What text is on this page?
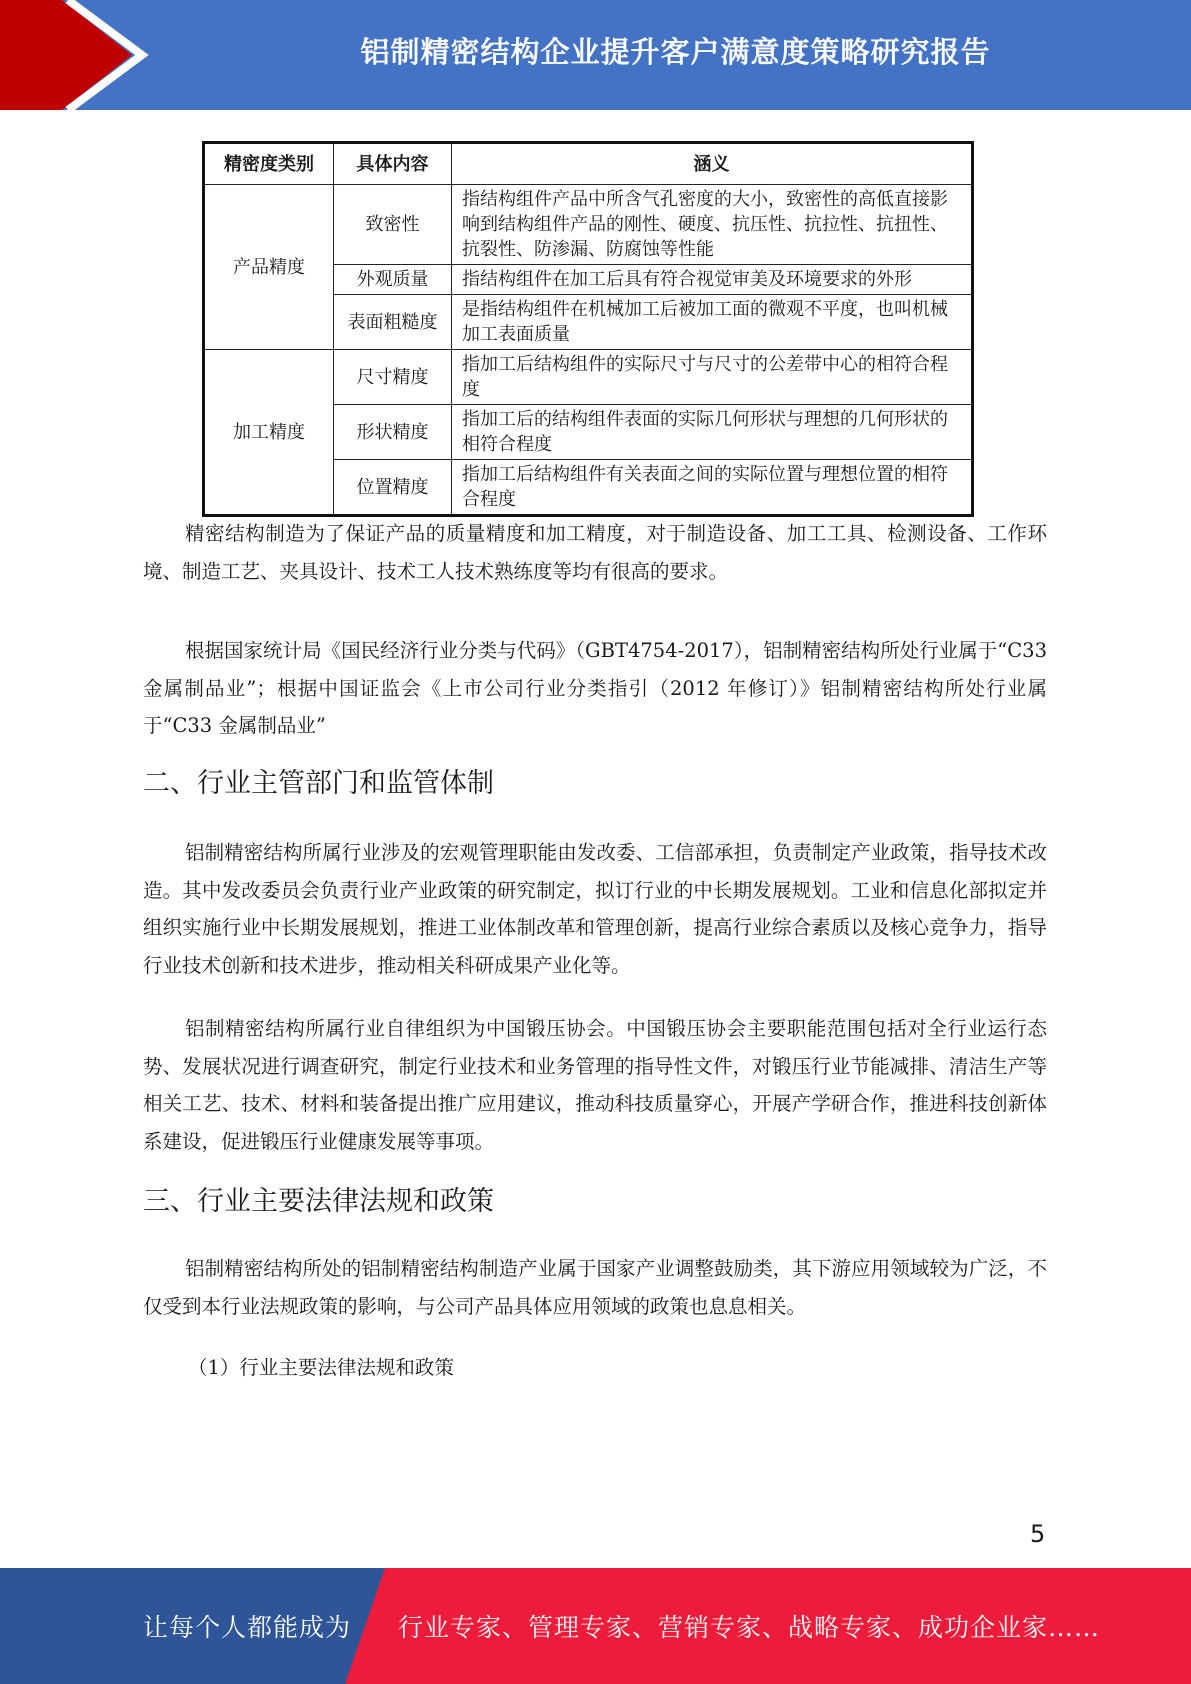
铝制精密结构企业提升客户满意度策略研究报告
精密度类别	具体内容	涵义
产品精度	致密性	指结构组件产品中所含气孔密度的大小，致密性的高低直接影响到结构组件产品的刚性、硬度、抗压性、抗拉性、抗扭性、抗裂性、防渗漏、防腐蚀等性能
	外观质量	指结构组件在加工后具有符合视觉审美及环境要求的外形
	表面粗糙度	是指结构组件在机械加工后被加工面的微观不平度，也叫机械加工表面质量
加工精度	尺寸精度	指加工后结构组件的实际尺寸与尺寸的公差带中心的相符合程度
	形状精度	指加工后的结构组件表面的实际几何形状与理想的几何形状的相符合程度
	位置精度	指加工后结构组件有关表面之间的实际位置与理想位置的相符合程度

精密结构制造为了保证产品的质量精度和加工精度，对于制造设备、加工工具、检测设备、工作环境、制造工艺、夹具设计、技术工人技术熟练度等均有很高的要求。

根据国家统计局《国民经济行业分类与代码》（GBT4754-2017），铝制精密结构所处行业属于“C33 金属制品业”；根据中国证监会《上市公司行业分类指引（2012 年修订）》铝制精密结构所处行业属于“C33 金属制品业”

二、行业主管部门和监管体制

铝制精密结构所属行业涉及的宏观管理职能由发改委、工信部承担，负责制定产业政策，指导技术改造。其中发改委员会负责行业产业政策的研究制定，拟订行业的中长期发展规划。工业和信息化部拟定并组织实施行业中长期发展规划，推进工业体制改革和管理创新，提高行业综合素质以及核心竞争力，指导行业技术创新和技术进步，推动相关科研成果产业化等。

铝制精密结构所属行业自律组织为中国锻压协会。中国锻压协会主要职能范围包括对全行业运行态势、发展状况进行调查研究，制定行业技术和业务管理的指导性文件，对锻压行业节能减排、清洁生产等相关工艺、技术、材料和装备提出推广应用建议，推动科技质量穿心，开展产学研合作，推进科技创新体系建设，促进锻压行业健康发展等事项。

三、行业主要法律法规和政策

铝制精密结构所处的铝制精密结构制造产业属于国家产业调整鼓励类，其下游应用领域较为广泛，不仅受到本行业法规政策的影响，与公司产品具体应用领域的政策也息息相关。

（1）行业主要法律法规和政策
5
让每个人都能成为 行业专家、管理专家、营销专家、战略专家、成功企业家……
